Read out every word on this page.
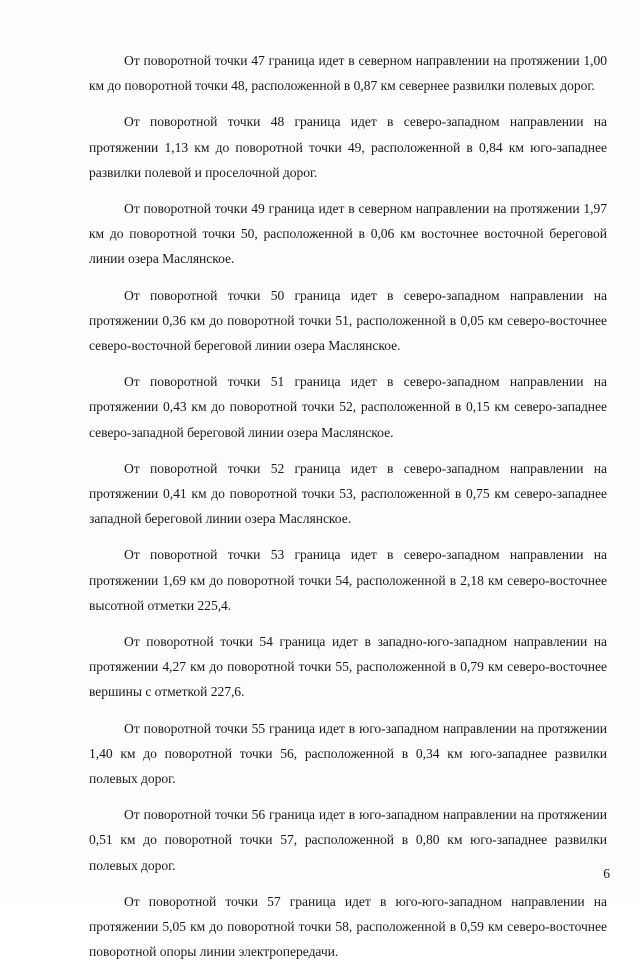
От поворотной точки 47 граница идет в северном направлении на протяжении 1,00 км до поворотной точки 48, расположенной в 0,87 км севернее развилки полевых дорог.

От поворотной точки 48 граница идет в северо-западном направлении на протяжении 1,13 км до поворотной точки 49, расположенной в 0,84 км юго-западнее развилки полевой и проселочной дорог.

От поворотной точки 49 граница идет в северном направлении на протяжении 1,97 км до поворотной точки 50, расположенной в 0,06 км восточнее восточной береговой линии озера Маслянское.

От поворотной точки 50 граница идет в северо-западном направлении на протяжении 0,36 км до поворотной точки 51, расположенной в 0,05 км северо-восточнее северо-восточной береговой линии озера Маслянское.

От поворотной точки 51 граница идет в северо-западном направлении на протяжении 0,43 км до поворотной точки 52, расположенной в 0,15 км северо-западнее северо-западной береговой линии озера Маслянское.

От поворотной точки 52 граница идет в северо-западном направлении на протяжении 0,41 км до поворотной точки 53, расположенной в 0,75 км северо-западнее западной береговой линии озера Маслянское.

От поворотной точки 53 граница идет в северо-западном направлении на протяжении 1,69 км до поворотной точки 54, расположенной в 2,18 км северо-восточнее высотной отметки 225,4.

От поворотной точки 54 граница идет в западно-юго-западном направлении на протяжении 4,27 км до поворотной точки 55, расположенной в 0,79 км северо-восточнее вершины с отметкой 227,6.

От поворотной точки 55 граница идет в юго-западном направлении на протяжении 1,40 км до поворотной точки 56, расположенной в 0,34 км юго-западнее развилки полевых дорог.

От поворотной точки 56 граница идет в юго-западном направлении на протяжении 0,51 км до поворотной точки 57, расположенной в 0,80 км юго-западнее развилки полевых дорог.

От поворотной точки 57 граница идет в юго-юго-западном направлении на протяжении 5,05 км до поворотной точки 58, расположенной в 0,59 км северо-восточнее поворотной опоры линии электропередачи.

6
